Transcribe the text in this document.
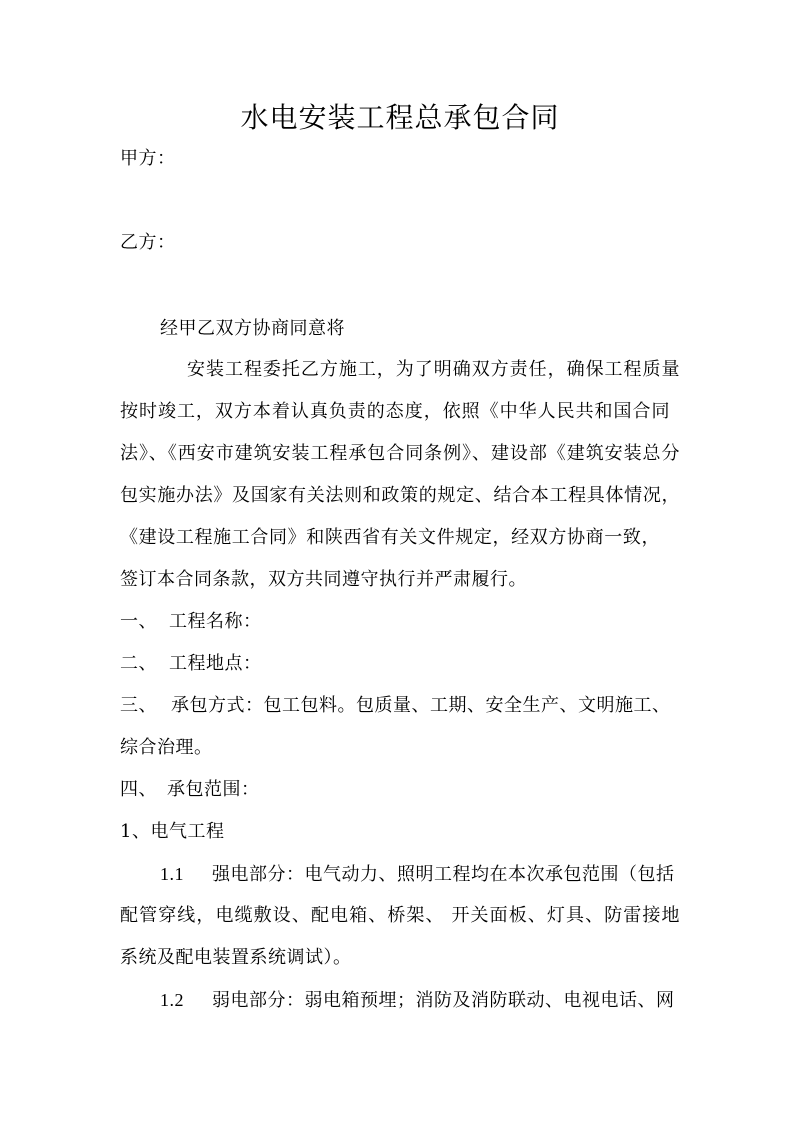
水电安装工程总承包合同
甲方：
乙方：
经甲乙双方协商同意将
安装工程委托乙方施工，为了明确双方责任，确保工程质量
按时竣工，双方本着认真负责的态度，依照《中华人民共和国合同
法》、《西安市建筑安装工程承包合同条例》、建设部《建筑安装总分
包实施办法》及国家有关法则和政策的规定、结合本工程具体情况，
《建设工程施工合同》和陕西省有关文件规定，经双方协商一致，
签订本合同条款，双方共同遵守执行并严肃履行。
一、 工程名称：
二、 工程地点：
三、 承包方式：包工包料。包质量、工期、安全生产、文明施工、
综合治理。
四、 承包范围：
1、电气工程
1.1 强电部分：电气动力、照明工程均在本次承包范围（包括
配管穿线，电缆敷设、配电箱、桥架、 开关面板、灯具、防雷接地
系统及配电装置系统调试）。
1.2 弱电部分：弱电箱预埋；消防及消防联动、电视电话、网
